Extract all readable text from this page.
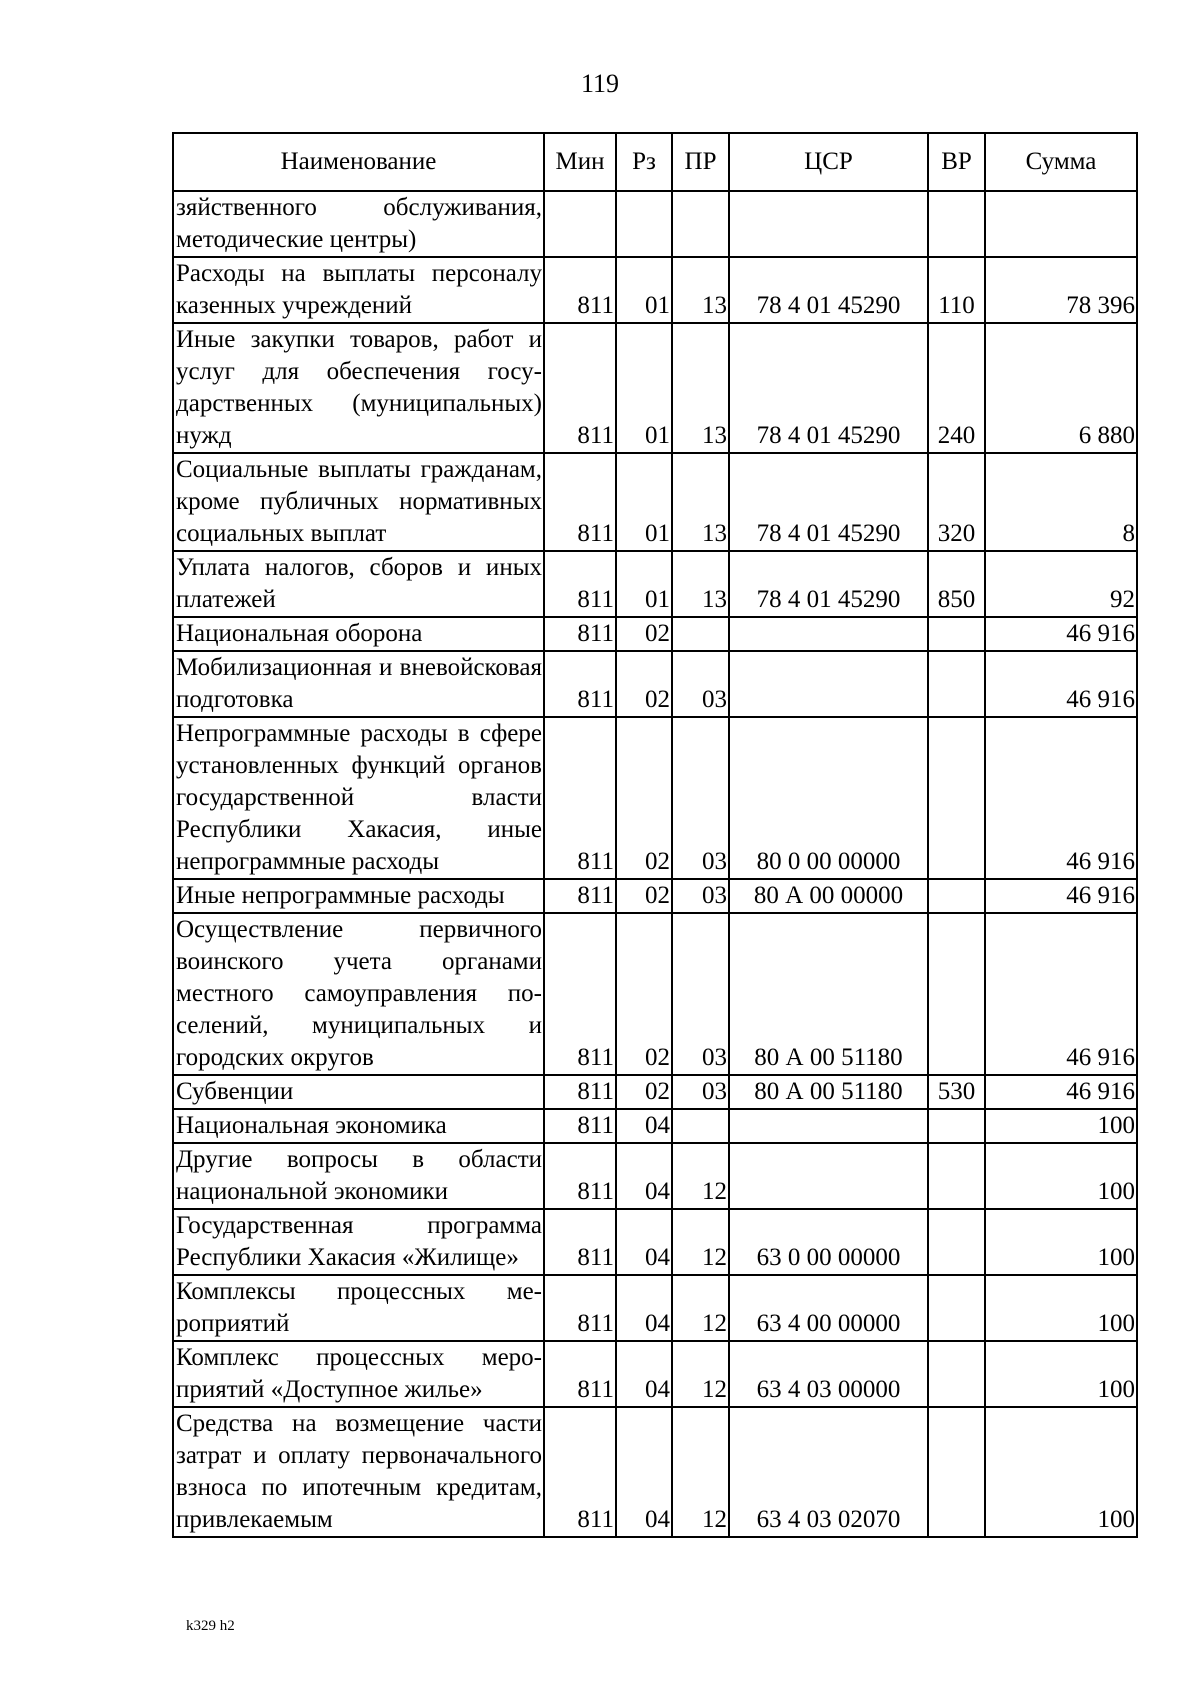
119
Наименование	Мин	Рз	ПР	ЦСР	ВР	Сумма
зяйственного обслуживания, методические центры)						
Расходы на выплаты персоналу казенных учреждений	811	01	13	78 4 01 45290	110	78 396
Иные закупки товаров, работ и услуг для обеспечения государственных (муниципальных) нужд	811	01	13	78 4 01 45290	240	6 880
Социальные выплаты гражданам, кроме публичных нормативных социальных выплат	811	01	13	78 4 01 45290	320	8
Уплата налогов, сборов и иных платежей	811	01	13	78 4 01 45290	850	92
Национальная оборона	811	02				46 916
Мобилизационная и вневойсковая подготовка	811	02	03			46 916
Непрограммные расходы в сфере установленных функций органов государственной власти Республики Хакасия, иные непрограммные расходы	811	02	03	80 0 00 00000		46 916
Иные непрограммные расходы	811	02	03	80 А 00 00000		46 916
Осуществление первичного воинского учета органами местного самоуправления поселений, муниципальных и городских округов	811	02	03	80 А 00 51180		46 916
Субвенции	811	02	03	80 А 00 51180	530	46 916
Национальная экономика	811	04				100
Другие вопросы в области национальной экономики	811	04	12			100
Государственная программа Республики Хакасия «Жилище»	811	04	12	63 0 00 00000		100
Комплексы процессных мероприятий	811	04	12	63 4 00 00000		100
Комплекс процессных мероприятий «Доступное жилье»	811	04	12	63 4 03 00000		100
Средства на возмещение части затрат и оплату первоначального взноса по ипотечным кредитам, привлекаемым	811	04	12	63 4 03 02070		100
k329 h2
